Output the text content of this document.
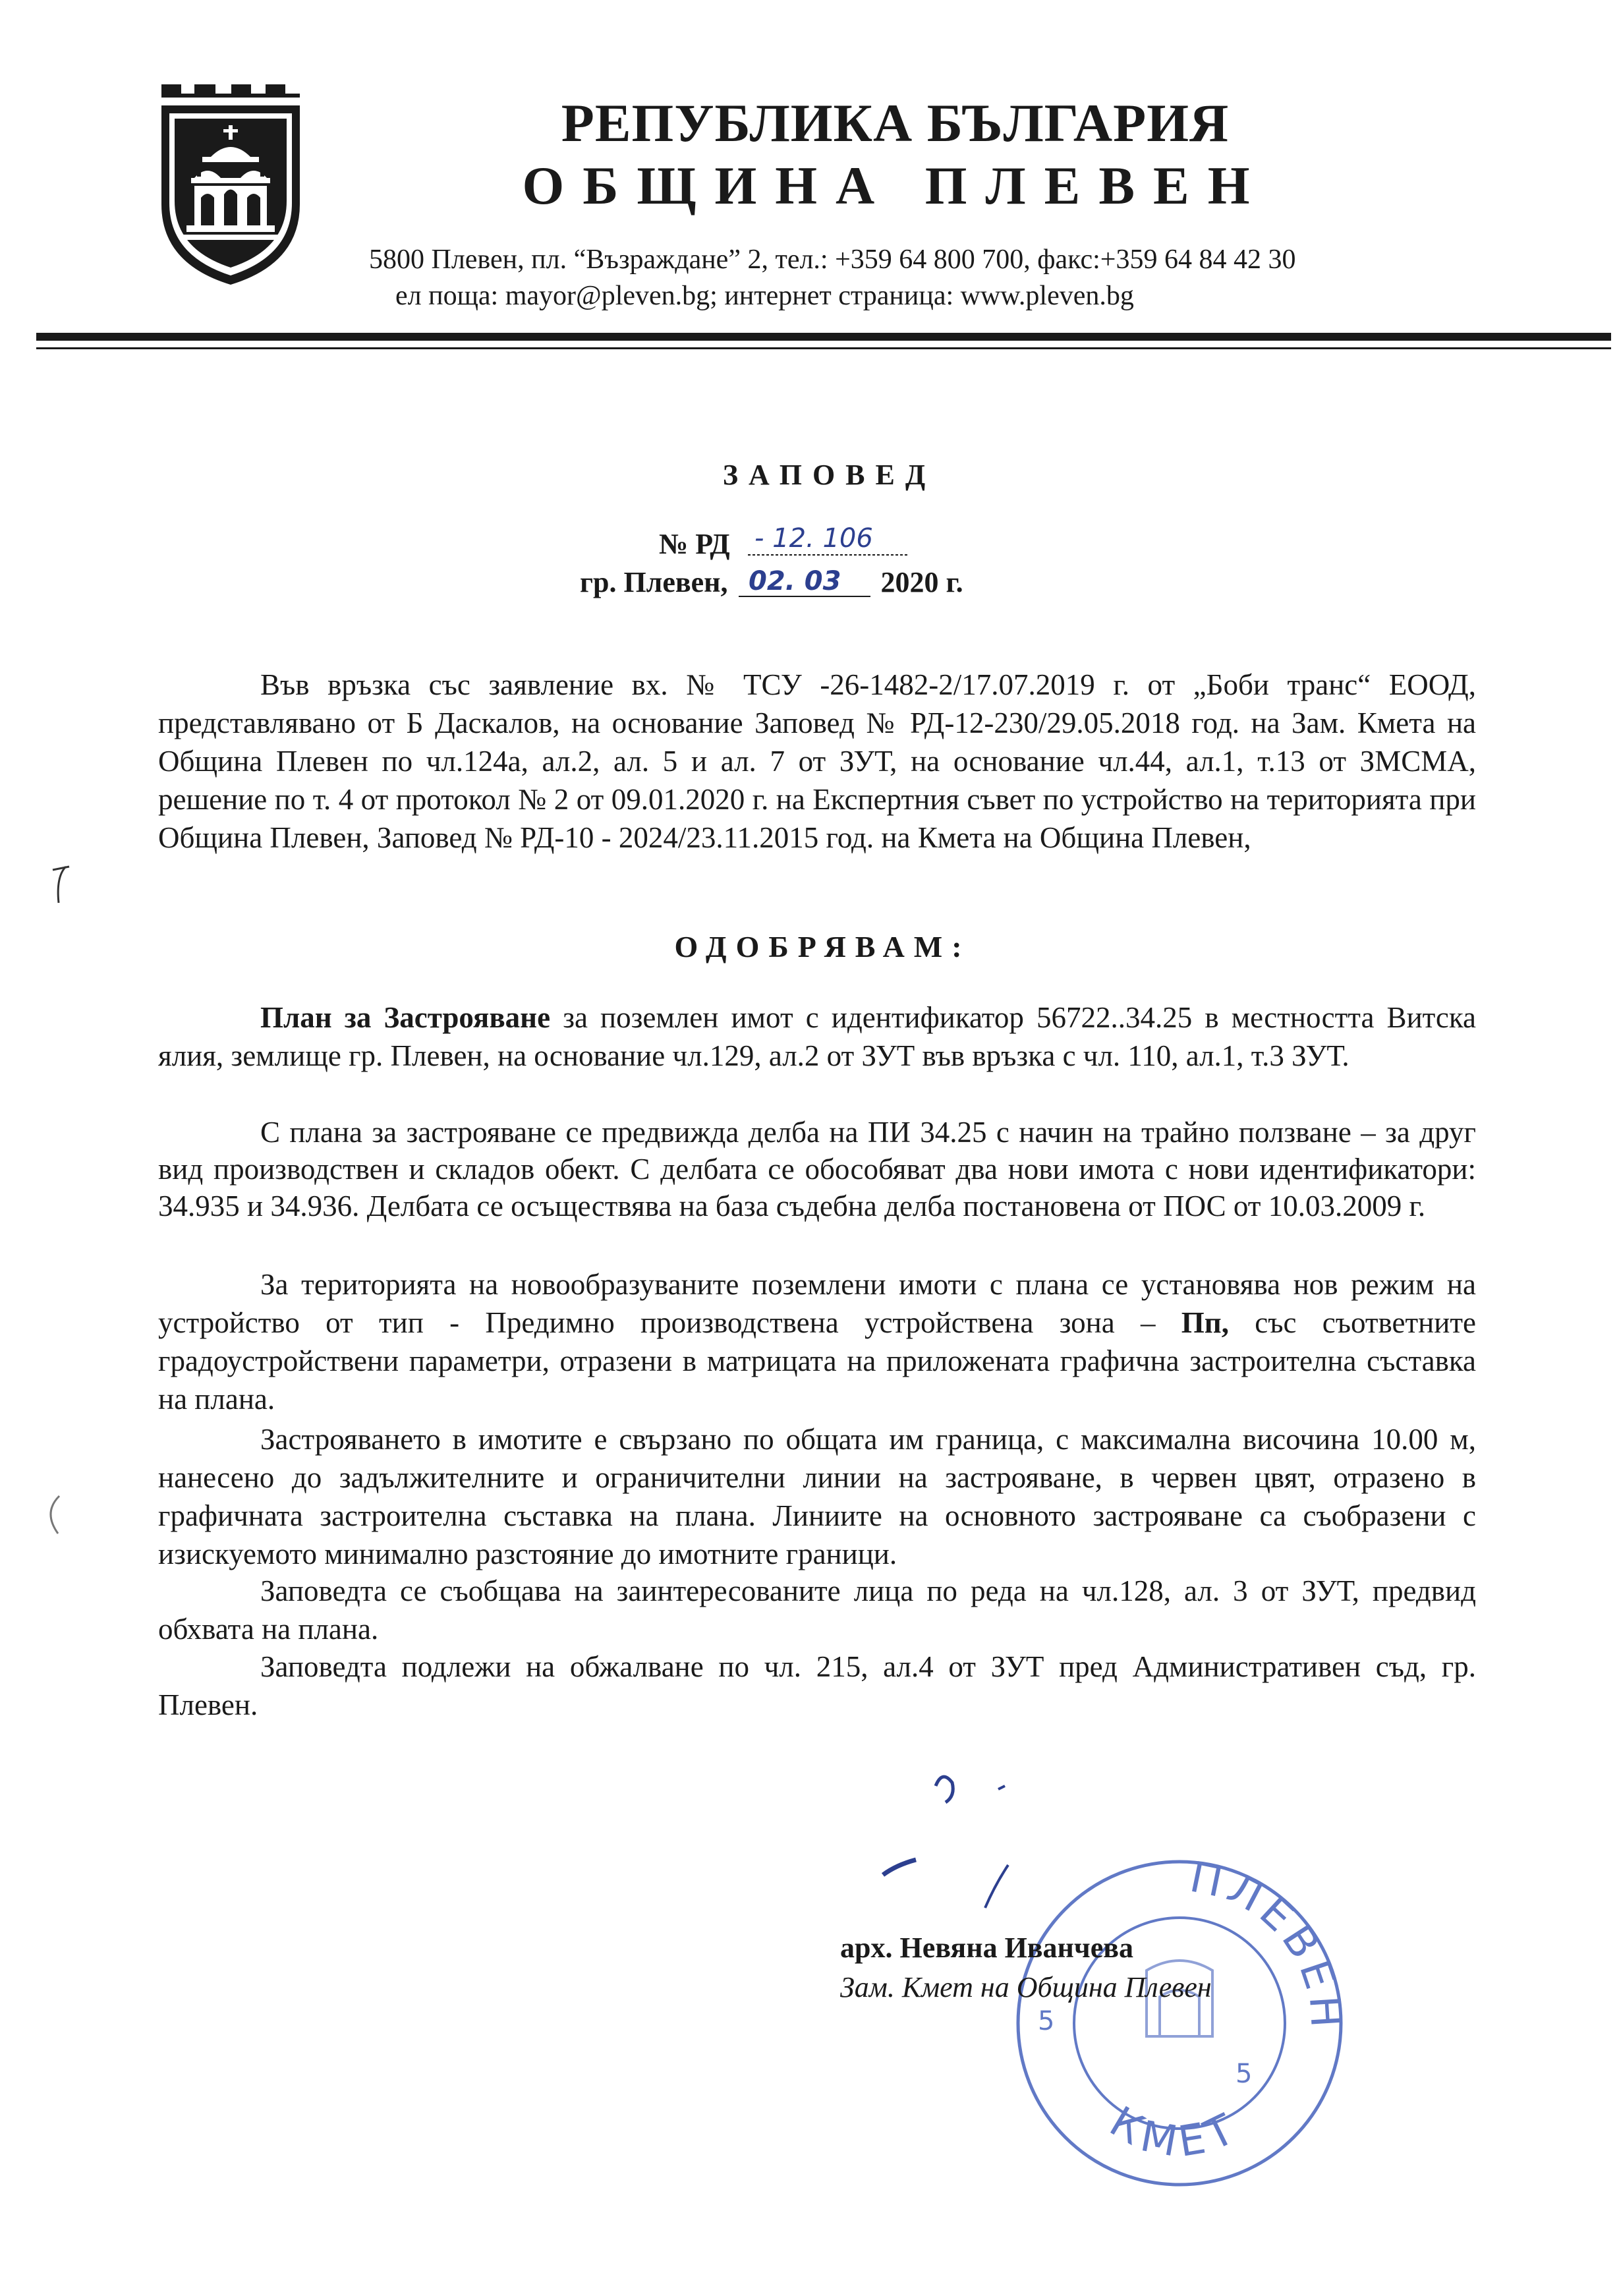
РЕПУБЛИКА БЪЛГАРИЯ
ОБЩИНА ПЛЕВЕН
5800 Плевен, пл. “Възраждане” 2, тел.: +359 64 800 700, факс:+359 64 84 42 30
ел поща: mayor@pleven.bg; интернет страница: www.pleven.bg
ЗАПОВЕД
№ РД - 12. 106
гр. Плевен, 02. 03 2020 г.

Във връзка със заявление вх. № ТСУ -26-1482-2/17.07.2019 г. от „Боби транс“ ЕООД, представлявано от Б Даскалов, на основание Заповед № РД-12-230/29.05.2018 год. на Зам. Кмета на Община Плевен по чл.124а, ал.2, ал. 5 и ал. 7 от ЗУТ, на основание чл.44, ал.1, т.13 от ЗМСМА, решение по т. 4 от протокол № 2 от 09.01.2020 г. на Експертния съвет по устройство на територията при Община Плевен, Заповед № РД-10 - 2024/23.11.2015 год. на Кмета на Община Плевен,

ОДОБРЯВАМ:

План за Застрояване за поземлен имот с идентификатор 56722..34.25 в местността Витска ялия, землище гр. Плевен, на основание чл.129, ал.2 от ЗУТ във връзка с чл. 110, ал.1, т.3 ЗУТ.

С плана за застрояване се предвижда делба на ПИ 34.25 с начин на трайно ползване – за друг вид производствен и складов обект. С делбата се обособяват два нови имота с нови идентификатори: 34.935 и 34.936. Делбата се осъществява на база съдебна делба постановена от ПОС от 10.03.2009 г.

За територията на новообразуваните поземлени имоти с плана се установява нов режим на устройство от тип - Предимно производствена устройствена зона – Пп, със съответните градоустройствени параметри, отразени в матрицата на приложената графична застроителна съставка на плана.

Застрояването в имотите е свързано по общата им граница, с максимална височина 10.00 м, нанесено до задължителните и ограничителни линии на застрояване, в червен цвят, отразено в графичната застроителна съставка на плана. Линиите на основното застрояване са съобразени с изискуемото минимално разстояние до имотните граници.

Заповедта се съобщава на заинтересованите лица по реда на чл.128, ал. 3 от ЗУТ, предвид обхвата на плана.

Заповедта подлежи на обжалване по чл. 215, ал.4 от ЗУТ пред Административен съд, гр. Плевен.

ПЛЕВЕН
КМЕТ
5
5
арх. Невяна Иванчева
Зам. Кмет на Община Плевен
